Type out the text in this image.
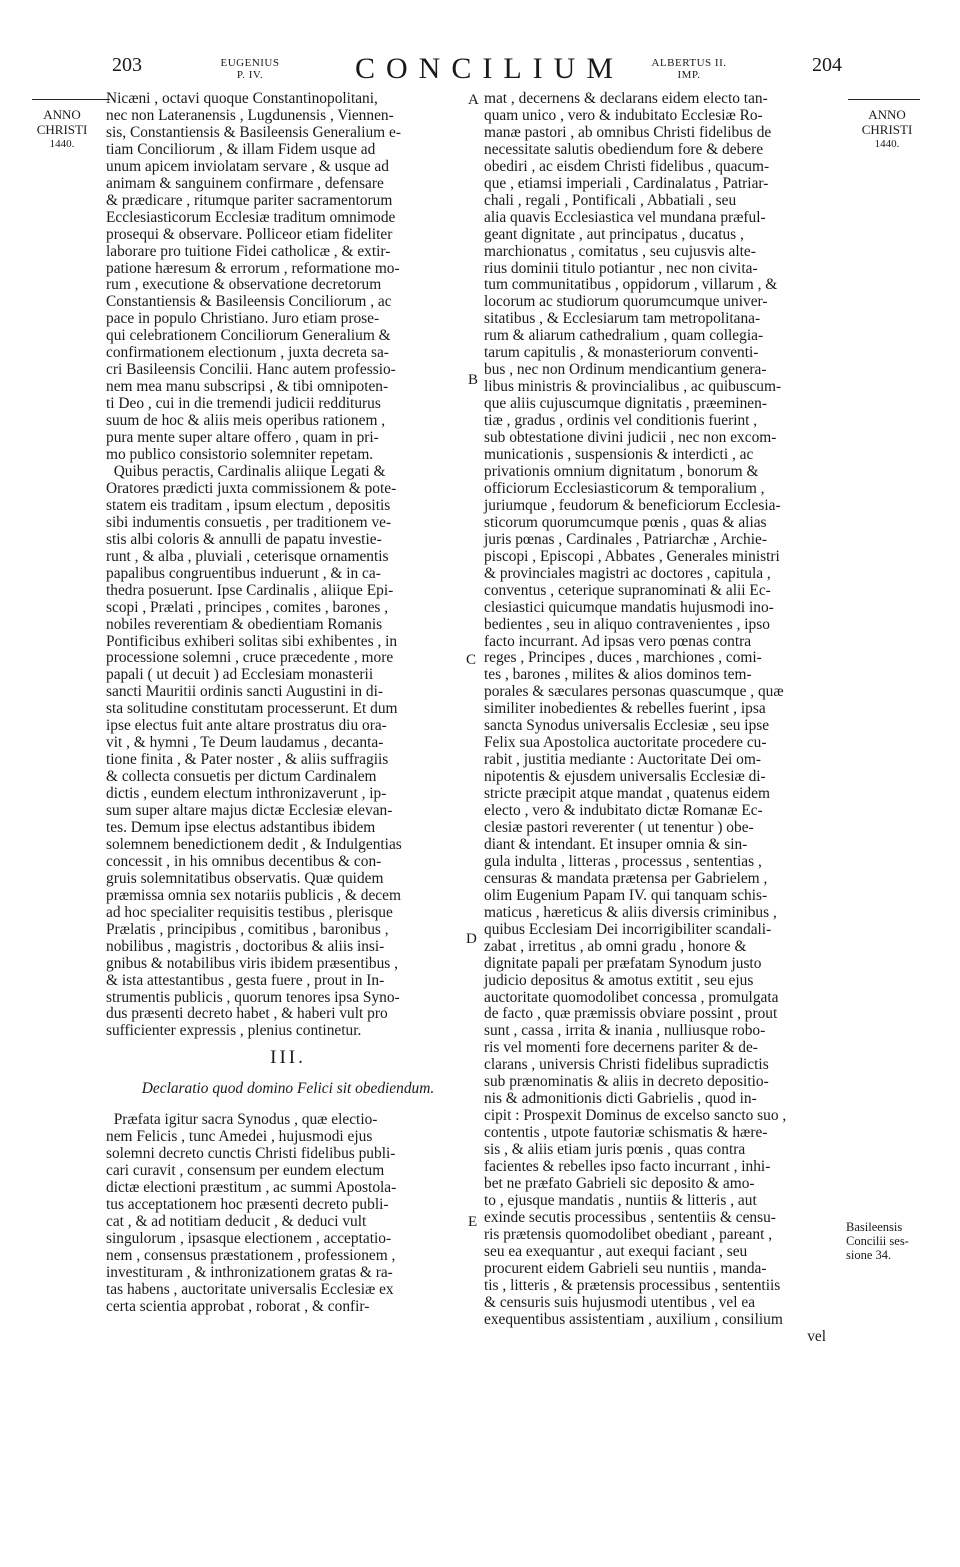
203	EUGENIUS
P. IV.	CONCILIUM	ALBERTUS II.
IMP.	204
ANNO
CHRISTI
1440.
ANNO
CHRISTI
1440.
Basileensis
Concilii ses-
sione 34.
A
B
C
D
E

Nicæni , octavi quoque Constantinopolitani,
nec non Lateranensis , Lugdunensis , Viennen-
sis, Constantiensis & Basileensis Generalium e-
tiam Conciliorum , & illam Fidem usque ad
unum apicem inviolatam servare , & usque ad
animam & sanguinem confirmare , defensare
& prædicare , ritumque pariter sacramentorum
Ecclesiasticorum Ecclesiæ traditum omnimode
prosequi & observare. Polliceor etiam fideliter
laborare pro tuitione Fidei catholicæ , & extir-
patione hæresum & errorum , reformatione mo-
rum , executione & observatione decretorum
Constantiensis & Basileensis Conciliorum , ac
pace in populo Christiano. Juro etiam prose-
qui celebrationem Conciliorum Generalium &
confirmationem electionum , juxta decreta sa-
cri Basileensis Concilii. Hanc autem professio-
nem mea manu subscripsi , & tibi omnipoten-
ti Deo , cui in die tremendi judicii redditurus
suum de hoc & aliis meis operibus rationem ,
pura mente super altare offero , quam in pri-
mo publico consistorio solemniter repetam.

Quibus peractis, Cardinalis aliique Legati &
Oratores prædicti juxta commissionem & pote-
statem eis traditam , ipsum electum , depositis
sibi indumentis consuetis , per traditionem ve-
stis albi coloris & annulli de papatu investie-
runt , & alba , pluviali , ceterisque ornamentis
papalibus congruentibus induerunt , & in ca-
thedra posuerunt. Ipse Cardinalis , aliique Epi-
scopi , Prælati , principes , comites , barones ,
nobiles reverentiam & obedientiam Romanis
Pontificibus exhiberi solitas sibi exhibentes , in
processione solemni , cruce præcedente , more
papali ( ut decuit ) ad Ecclesiam monasterii
sancti Mauritii ordinis sancti Augustini in di-
sta solitudine constitutam processerunt. Et dum
ipse electus fuit ante altare prostratus diu ora-
vit , & hymni , Te Deum laudamus , decanta-
tione finita , & Pater noster , & aliis suffragiis
& collecta consuetis per dictum Cardinalem
dictis , eundem electum inthronizaverunt , ip-
sum super altare majus dictæ Ecclesiæ elevan-
tes. Demum ipse electus adstantibus ibidem
solemnem benedictionem dedit , & Indulgentias
concessit , in his omnibus decentibus & con-
gruis solemnitatibus observatis. Quæ quidem
præmissa omnia sex notariis publicis , & decem
ad hoc specialiter requisitis testibus , plerisque
Prælatis , principibus , comitibus , baronibus ,
nobilibus , magistris , doctoribus & aliis insi-
gnibus & notabilibus viris ibidem præsentibus ,
& ista attestantibus , gesta fuere , prout in In-
strumentis publicis , quorum tenores ipsa Syno-
dus præsenti decreto habet , & haberi vult pro
sufficienter expressis , plenius continetur.

III.
Declaratio quod domino Felici sit obediendum.

Præfata igitur sacra Synodus , quæ electio-
nem Felicis , tunc Amedei , hujusmodi ejus
solemni decreto cunctis Christi fidelibus publi-
cari curavit , consensum per eundem electum
dictæ electioni præstitum , ac summi Apostola-
tus acceptationem hoc præsenti decreto publi-
cat , & ad notitiam deducit , & deduci vult
singulorum , ipsasque electionem , acceptatio-
nem , consensus præstationem , professionem ,
investituram , & inthronizationem gratas & ra-
tas habens , auctoritate universalis Ecclesiæ ex
certa scientia approbat , roborat , & confir-

mat , decernens & declarans eidem electo tan-
quam unico , vero & indubitato Ecclesiæ Ro-
manæ pastori , ab omnibus Christi fidelibus de
necessitate salutis obediendum fore & debere
obediri , ac eisdem Christi fidelibus , quacum-
que , etiamsi imperiali , Cardinalatus , Patriar-
chali , regali , Pontificali , Abbatiali , seu
alia quavis Ecclesiastica vel mundana præful-
geant dignitate , aut principatus , ducatus ,
marchionatus , comitatus , seu cujusvis alte-
rius dominii titulo potiantur , nec non civita-
tum communitatibus , oppidorum , villarum , &
locorum ac studiorum quorumcumque univer-
sitatibus , & Ecclesiarum tam metropolitana-
rum & aliarum cathedralium , quam collegia-
tarum capitulis , & monasteriorum conventi-
bus , nec non Ordinum mendicantium genera-
libus ministris & provincialibus , ac quibuscum-
que aliis cujuscumque dignitatis , præeminen-
tiæ , gradus , ordinis vel conditionis fuerint ,
sub obtestatione divini judicii , nec non excom-
municationis , suspensionis & interdicti , ac
privationis omnium dignitatum , bonorum &
officiorum Ecclesiasticorum & temporalium ,
juriumque , feudorum & beneficiorum Ecclesia-
sticorum quorumcumque pœnis , quas & alias
juris pœnas , Cardinales , Patriarchæ , Archie-
piscopi , Episcopi , Abbates , Generales ministri
& provinciales magistri ac doctores , capitula ,
conventus , ceterique supranominati & alii Ec-
clesiastici quicumque mandatis hujusmodi ino-
bedientes , seu in aliquo contravenientes , ipso
facto incurrant. Ad ipsas vero pœnas contra
reges , Principes , duces , marchiones , comi-
tes , barones , milites & alios dominos tem-
porales & sæculares personas quascumque , quæ
similiter inobedientes & rebelles fuerint , ipsa
sancta Synodus universalis Ecclesiæ , seu ipse
Felix sua Apostolica auctoritate procedere cu-
rabit , justitia mediante : Auctoritate Dei om-
nipotentis & ejusdem universalis Ecclesiæ di-
stricte præcipit atque mandat , quatenus eidem
electo , vero & indubitato dictæ Romanæ Ec-
clesiæ pastori reverenter ( ut tenentur ) obe-
diant & intendant. Et insuper omnia & sin-
gula indulta , litteras , processus , sententias ,
censuras & mandata prætensa per Gabrielem ,
olim Eugenium Papam IV. qui tanquam schis-
maticus , hæreticus & aliis diversis criminibus ,
quibus Ecclesiam Dei incorrigibiliter scandali-
zabat , irretitus , ab omni gradu , honore &
dignitate papali per præfatam Synodum justo
judicio depositus & amotus extitit , seu ejus
auctoritate quomodolibet concessa , promulgata
de facto , quæ præmissis obviare possint , prout
sunt , cassa , irrita & inania , nulliusque robo-
ris vel momenti fore decernens pariter & de-
clarans , universis Christi fidelibus supradictis
sub prænominatis & aliis in decreto depositio-
nis & admonitionis dicti Gabrielis , quod in-
cipit : Prospexit Dominus de excelso sancto suo ,
contentis , utpote fautoriæ schismatis & hære-
sis , & aliis etiam juris pœnis , quas contra
facientes & rebelles ipso facto incurrant , inhi-
bet ne præfato Gabrieli sic deposito & amo-
to , ejusque mandatis , nuntiis & litteris , aut
exinde secutis processibus , sententiis & censu-
ris prætensis quomodolibet obediant , pareant ,
seu ea exequantur , aut exequi faciant , seu
procurent eidem Gabrieli seu nuntiis , manda-
tis , litteris , & prætensis processibus , sententiis
& censuris suis hujusmodi utentibus , vel ea
exequentibus assistentiam , auxilium , consilium

vel
